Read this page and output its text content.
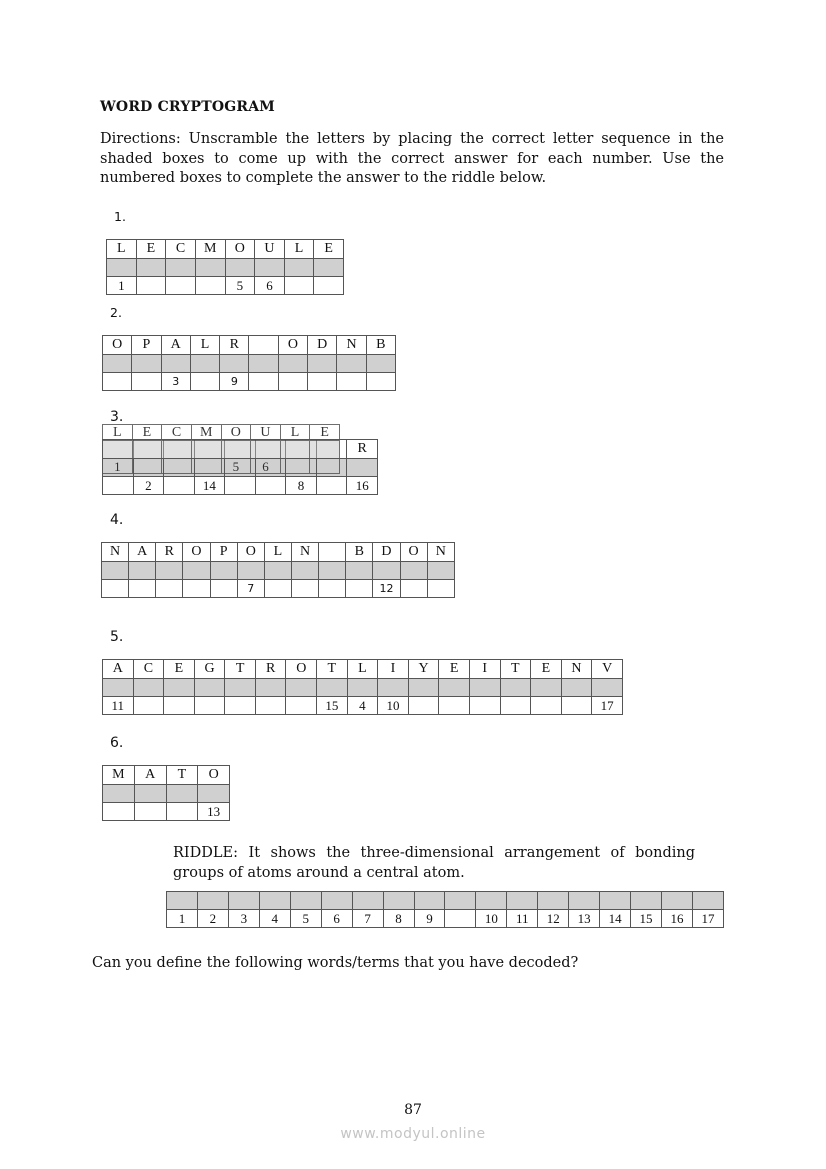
WORD CRYPTOGRAM
Directions: Unscramble the letters by placing the correct letter sequence in the shaded boxes to come up with the correct answer for each number. Use the numbered boxes to complete the answer to the riddle below.
1.
L	E	C	M	O	U	L	E

1				5	6		
2.
O	P	A	L	R		O	D	N	B

		3		9					
3.
								R

	2		14			8		16
L	E	C	M	O	U	L	E

1				5	6		
4.
N	A	R	O	P	O	L	N		B	D	O	N

					7					12		
5.
A	C	E	G	T	R	O	T	L	I	Y	E	I	T	E	N	V

11							15	4	10							17
6.
M	A	T	O

			13
RIDDLE: It shows the three-dimensional arrangement of bonding groups of atoms around a central atom.

1	2	3	4	5	6	7	8	9		10	11	12	13	14	15	16	17
Can you define the following words/terms that you have decoded?
87
www.modyul.online
